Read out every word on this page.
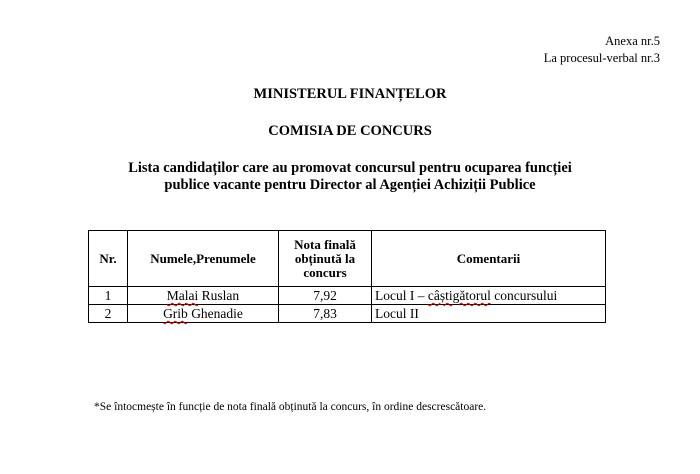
Anexa nr.5
La procesul-verbal nr.3
MINISTERUL FINANȚELOR
COMISIA DE CONCURS
Lista candidaților care au promovat concursul pentru ocuparea funcției
publice vacante pentru Director al Agenției Achiziții Publice
Nr.	Numele,Prenumele	Nota finală
obținută la
concurs	Comentarii
1	Malai Ruslan	7,92	Locul I – câștigătorul concursului
2	Grib Ghenadie	7,83	Locul II
*Se întocmește în funcție de nota finală obținută la concurs, în ordine descrescătoare.
